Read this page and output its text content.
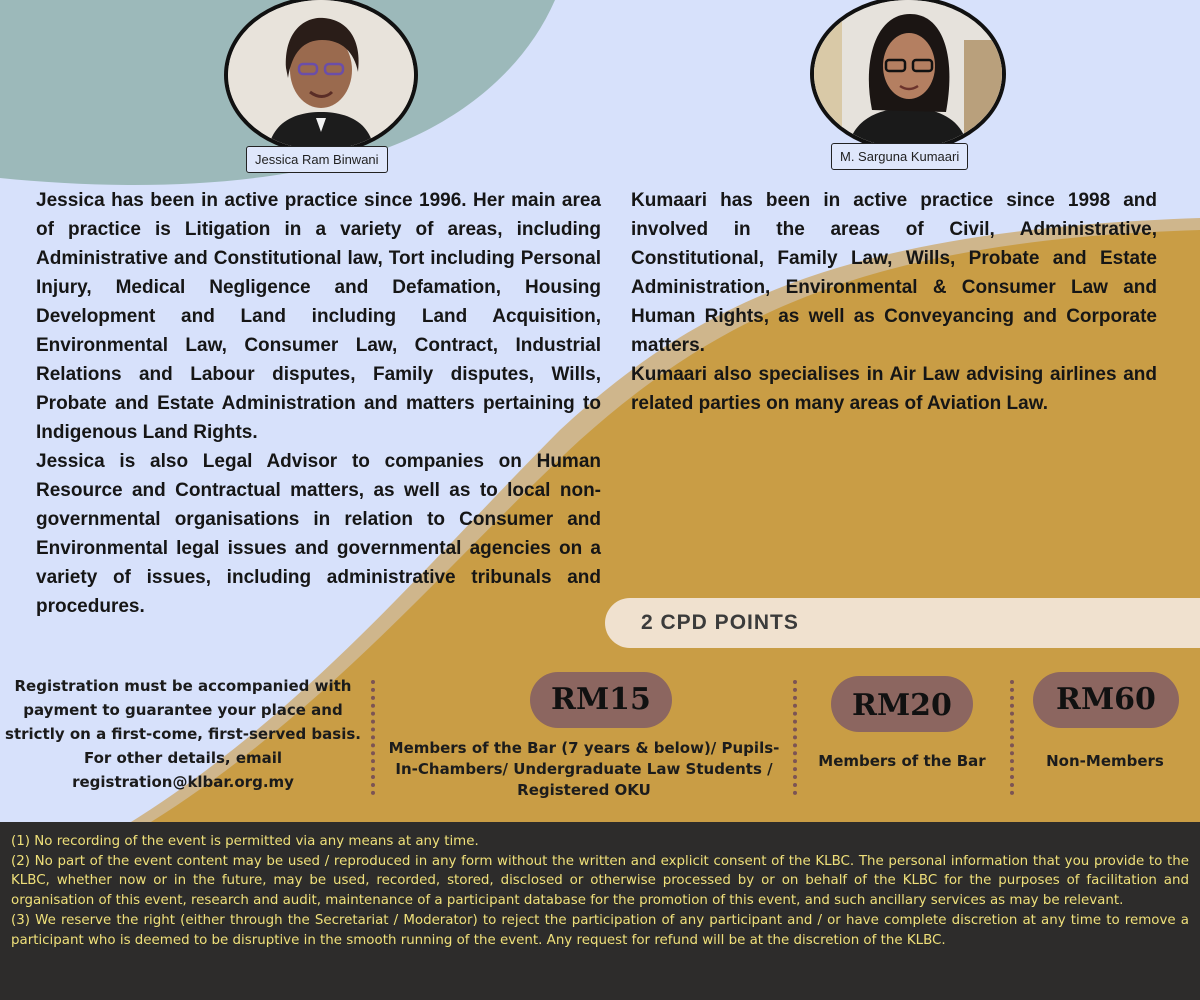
Jessica Ram Binwani	M. Sarguna Kumaari

Jessica has been in active practice since 1996. Her main area of practice is Litigation in a variety of areas, including Administrative and Constitutional law, Tort including Personal Injury, Medical Negligence and Defamation, Housing Development and Land including Land Acquisition, Environmental Law, Consumer Law, Contract, Industrial Relations and Labour disputes, Family disputes, Wills, Probate and Estate Administration and matters pertaining to Indigenous Land Rights.

Jessica is also Legal Advisor to companies on Human Resource and Contractual matters, as well as to local non-governmental organisations in relation to Consumer and Environmental legal issues and governmental agencies on a variety of issues, including administrative tribunals and procedures.

Kumaari has been in active practice since 1998 and involved in the areas of Civil, Administrative, Constitutional, Family Law, Wills, Probate and Estate Administration, Environmental & Consumer Law and Human Rights, as well as Conveyancing and Corporate matters.

Kumaari also specialises in Air Law advising airlines and related parties on many areas of Aviation Law.

2 CPD POINTS
Registration must be accompanied with
payment to guarantee your place and
strictly on a first-come, first-served basis.
For other details, email
registration@klbar.org.my
RM15
Members of the Bar (7 years & below)/ Pupils-
In-Chambers/ Undergraduate Law Students /
Registered OKU
RM20
Members of the Bar
RM60
Non-Members

(1) No recording of the event is permitted via any means at any time.

(2) No part of the event content may be used / reproduced in any form without the written and explicit consent of the KLBC. The personal information that you provide to the KLBC, whether now or in the future, may be used, recorded, stored, disclosed or otherwise processed by or on behalf of the KLBC for the purposes of facilitation and organisation of this event, research and audit, maintenance of a participant database for the promotion of this event, and such ancillary services as may be relevant.

(3) We reserve the right (either through the Secretariat / Moderator) to reject the participation of any participant and / or have complete discretion at any time to remove a participant who is deemed to be disruptive in the smooth running of the event. Any request for refund will be at the discretion of the KLBC.
